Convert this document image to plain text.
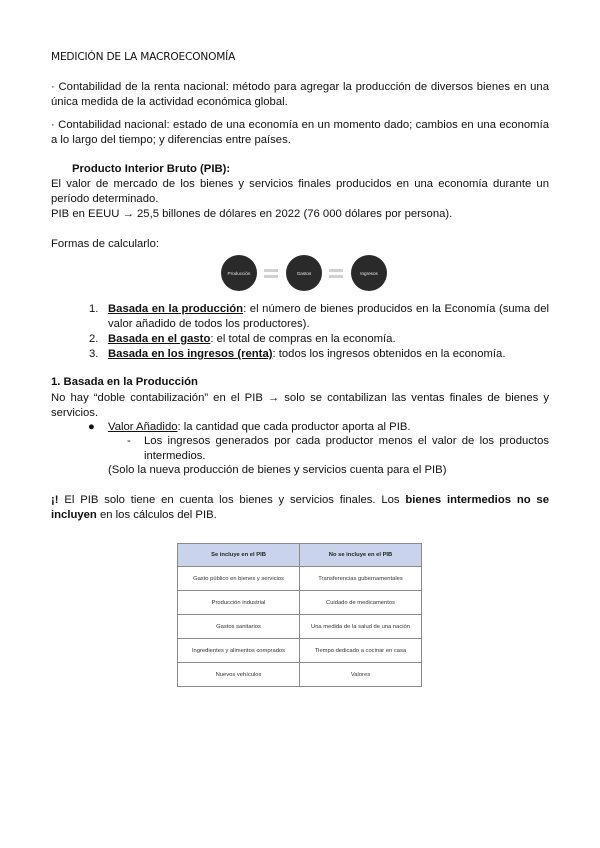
MEDICIÓN DE LA MACROECONOMÍA
· Contabilidad de la renta nacional: método para agregar la producción de diversos bienes en una única medida de la actividad económica global.
· Contabilidad nacional: estado de una economía en un momento dado; cambios en una economía a lo largo del tiempo; y diferencias entre países.
Producto Interior Bruto (PIB):
El valor de mercado de los bienes y servicios finales producidos en una economía durante un período determinado.
PIB en EEUU → 25,5 billones de dólares en 2022 (76 000 dólares por persona).
Formas de calcularlo:
Producción	Gastos	Ingresos
1. Basada en la producción: el número de bienes producidos en la Economía (suma del valor añadido de todos los productores).
2. Basada en el gasto: el total de compras en la economía.
3. Basada en los ingresos (renta): todos los ingresos obtenidos en la economía.
1. Basada en la Producción
No hay “doble contabilización” en el PIB → solo se contabilizan las ventas finales de bienes y servicios.
● Valor Añadido: la cantidad que cada productor aporta al PIB.
- Los ingresos generados por cada productor menos el valor de los productos intermedios.
(Solo la nueva producción de bienes y servicios cuenta para el PIB)
¡! El PIB solo tiene en cuenta los bienes y servicios finales. Los bienes intermedios no se incluyen en los cálculos del PIB.
Se incluye en el PIB	No se incluye en el PIB
Gasto público en bienes y servicios	Transferencias gubernamentales
Producción industrial	Cuidado de medicamentos
Gastos sanitarios	Una medida de la salud de una nación
Ingredientes y alimentos comprados	Tiempo dedicado a cocinar en casa
Nuevos vehículos	Valores
